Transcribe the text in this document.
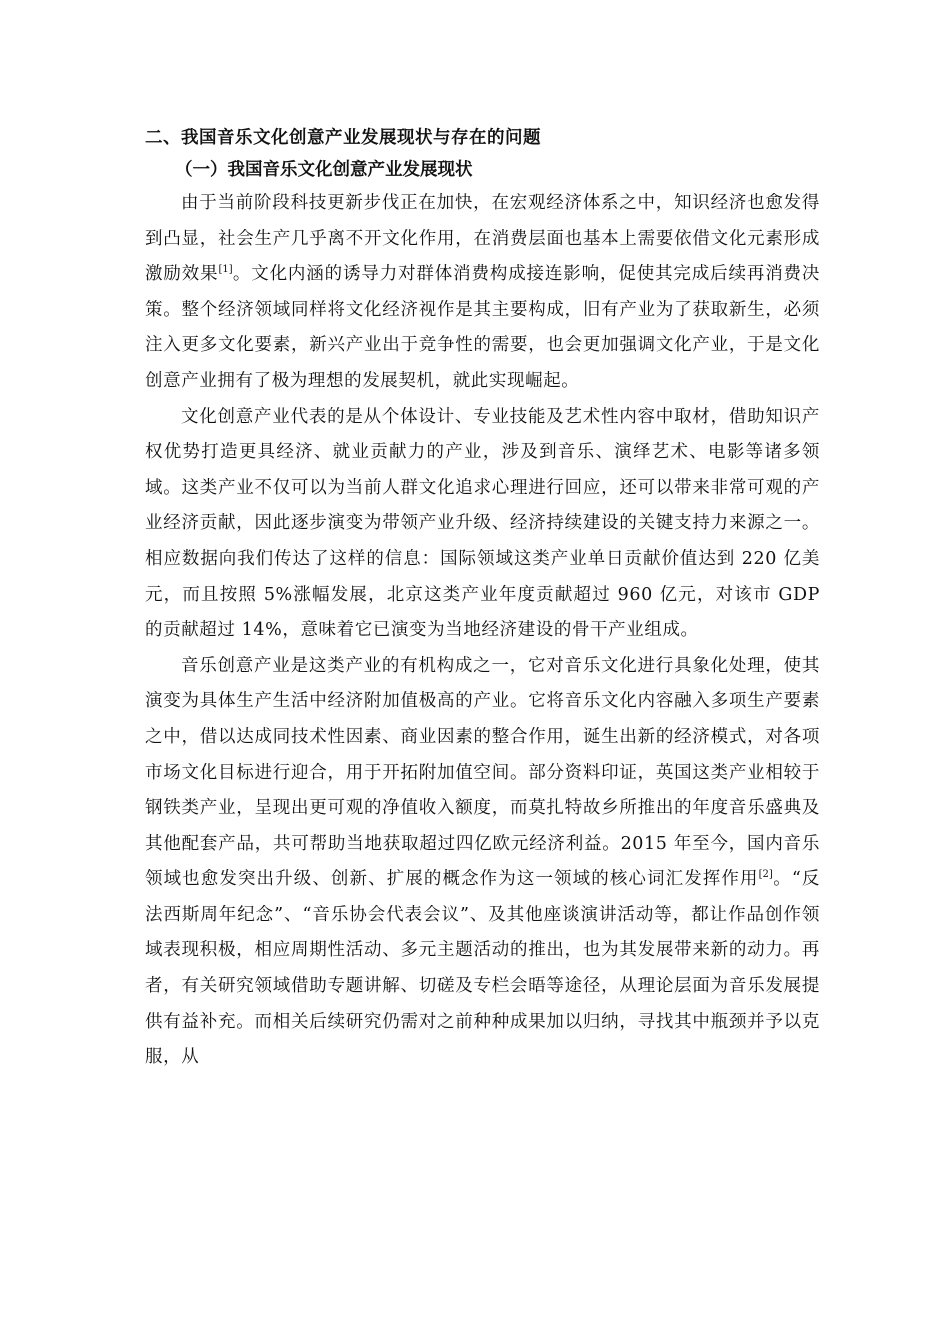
二、我国音乐文化创意产业发展现状与存在的问题
（一）我国音乐文化创意产业发展现状

由于当前阶段科技更新步伐正在加快，在宏观经济体系之中，知识经济也愈发得到凸显，社会生产几乎离不开文化作用，在消费层面也基本上需要依借文化元素形成激励效果[1]。文化内涵的诱导力对群体消费构成接连影响，促使其完成后续再消费决策。整个经济领域同样将文化经济视作是其主要构成，旧有产业为了获取新生，必须注入更多文化要素，新兴产业出于竞争性的需要，也会更加强调文化产业，于是文化创意产业拥有了极为理想的发展契机，就此实现崛起。

文化创意产业代表的是从个体设计、专业技能及艺术性内容中取材，借助知识产权优势打造更具经济、就业贡献力的产业，涉及到音乐、演绎艺术、电影等诸多领域。这类产业不仅可以为当前人群文化追求心理进行回应，还可以带来非常可观的产业经济贡献，因此逐步演变为带领产业升级、经济持续建设的关键支持力来源之一。相应数据向我们传达了这样的信息：国际领域这类产业单日贡献价值达到 220 亿美元，而且按照 5%涨幅发展，北京这类产业年度贡献超过 960 亿元，对该市 GDP 的贡献超过 14%，意味着它已演变为当地经济建设的骨干产业组成。

音乐创意产业是这类产业的有机构成之一，它对音乐文化进行具象化处理，使其演变为具体生产生活中经济附加值极高的产业。它将音乐文化内容融入多项生产要素之中，借以达成同技术性因素、商业因素的整合作用，诞生出新的经济模式，对各项市场文化目标进行迎合，用于开拓附加值空间。部分资料印证，英国这类产业相较于钢铁类产业，呈现出更可观的净值收入额度，而莫扎特故乡所推出的年度音乐盛典及其他配套产品，共可帮助当地获取超过四亿欧元经济利益。2015 年至今，国内音乐领域也愈发突出升级、创新、扩展的概念作为这一领域的核心词汇发挥作用[2]。“反法西斯周年纪念”、“音乐协会代表会议”、及其他座谈演讲活动等，都让作品创作领域表现积极，相应周期性活动、多元主题活动的推出，也为其发展带来新的动力。再者，有关研究领域借助专题讲解、切磋及专栏会晤等途径，从理论层面为音乐发展提供有益补充。而相关后续研究仍需对之前种种成果加以归纳，寻找其中瓶颈并予以克服，从
